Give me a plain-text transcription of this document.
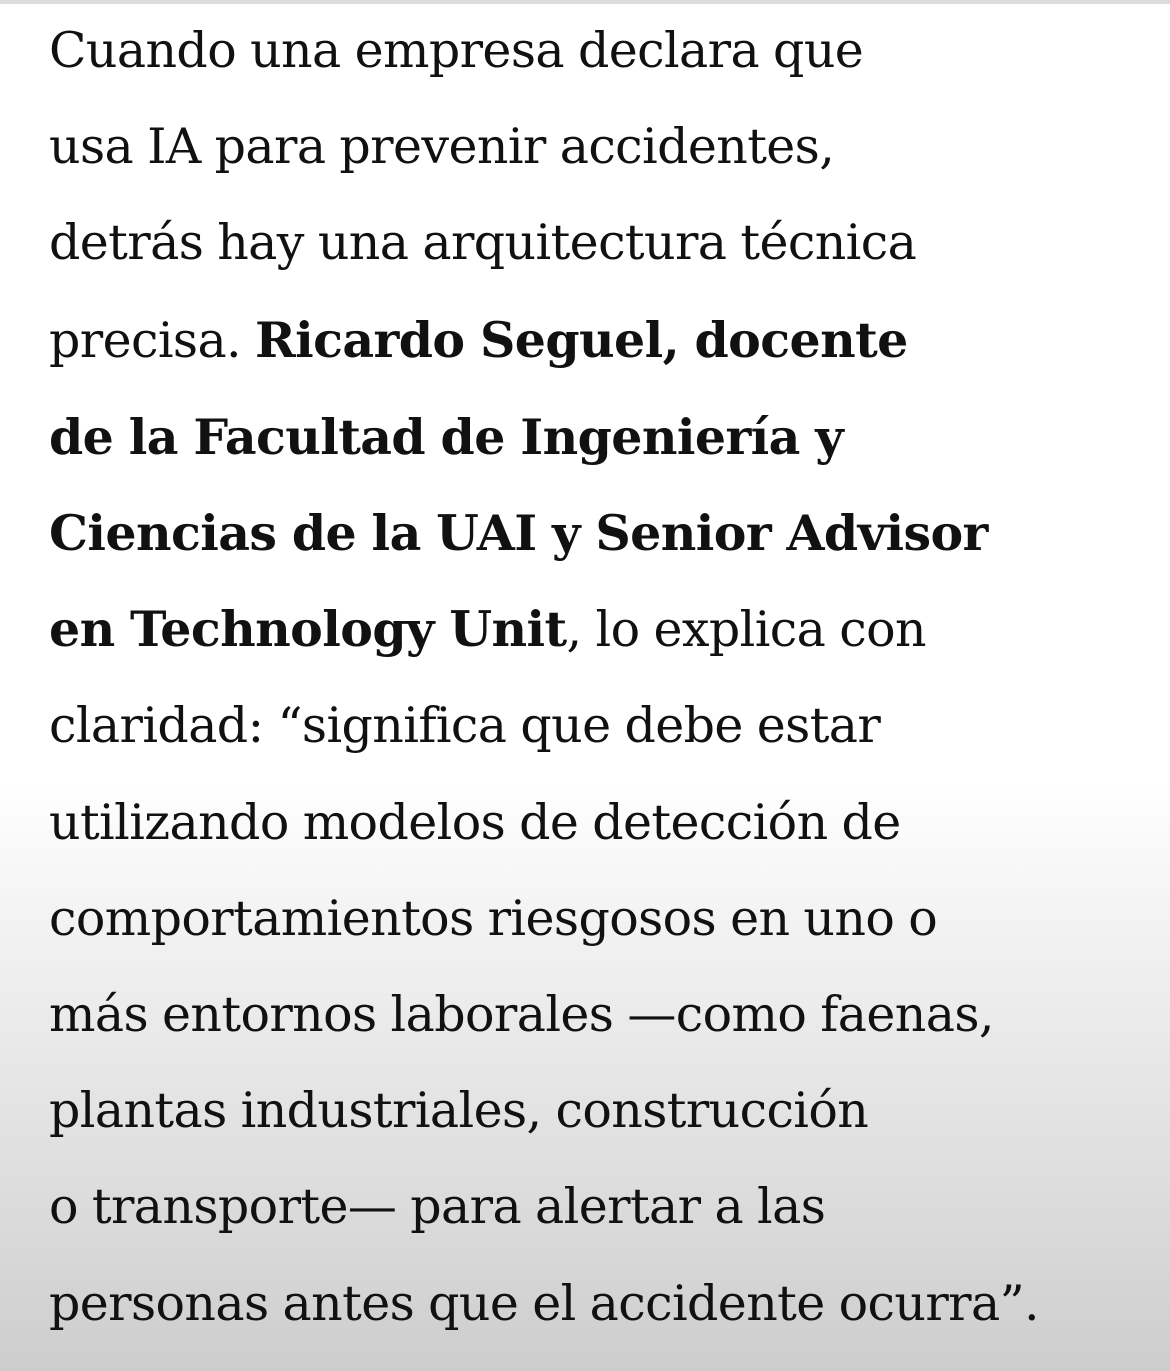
Cuando una empresa declara que
usa IA para prevenir accidentes,
detrás hay una arquitectura técnica
precisa. Ricardo Seguel, docente
de la Facultad de Ingeniería y
Ciencias de la UAI y Senior Advisor
en Technology Unit, lo explica con
claridad: “significa que debe estar
utilizando modelos de detección de
comportamientos riesgosos en uno o
más entornos laborales —como faenas,
plantas industriales, construcción
o transporte— para alertar a las
personas antes que el accidente ocurra”.
